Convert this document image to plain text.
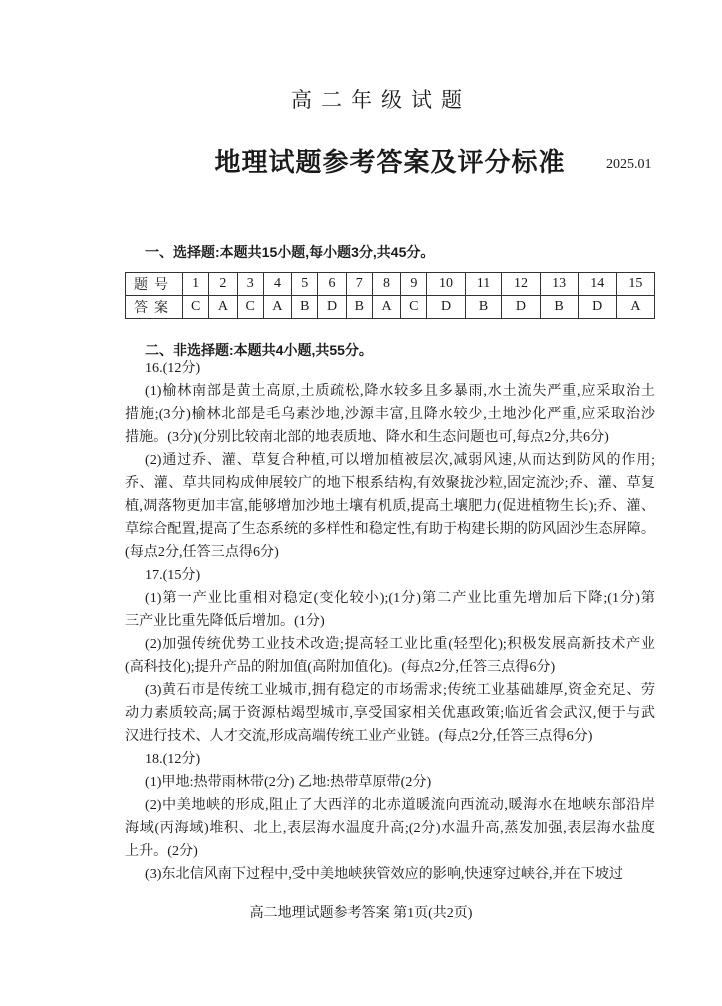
高二年级试题
地理试题参考答案及评分标准	2025.01
一、选择题:本题共15小题,每小题3分,共45分。
题号	1	2	3	4	5	6	7	8	9	10	11	12	13	14	15
答案	C	A	C	A	B	D	B	A	C	D	B	D	B	D	A
二、非选择题:本题共4小题,共55分。
16.(12分)
(1)榆林南部是黄土高原,土质疏松,降水较多且多暴雨,水土流失严重,应采取治土
措施;(3分)榆林北部是毛乌素沙地,沙源丰富,且降水较少,土地沙化严重,应采取治沙
措施。(3分)(分别比较南北部的地表质地、降水和生态问题也可,每点2分,共6分)
(2)通过乔、灌、草复合种植,可以增加植被层次,减弱风速,从而达到防风的作用;
乔、灌、草共同构成伸展较广的地下根系结构,有效聚拢沙粒,固定流沙;乔、灌、草复
植,凋落物更加丰富,能够增加沙地土壤有机质,提高土壤肥力(促进植物生长);乔、灌、
草综合配置,提高了生态系统的多样性和稳定性,有助于构建长期的防风固沙生态屏障。
(每点2分,任答三点得6分)
17.(15分)
(1)第一产业比重相对稳定(变化较小);(1分)第二产业比重先增加后下降;(1分)第
三产业比重先降低后增加。(1分)
(2)加强传统优势工业技术改造;提高轻工业比重(轻型化);积极发展高新技术产业
(高科技化);提升产品的附加值(高附加值化)。(每点2分,任答三点得6分)
(3)黄石市是传统工业城市,拥有稳定的市场需求;传统工业基础雄厚,资金充足、劳
动力素质较高;属于资源枯竭型城市,享受国家相关优惠政策;临近省会武汉,便于与武
汉进行技术、人才交流,形成高端传统工业产业链。(每点2分,任答三点得6分)
18.(12分)
(1)甲地:热带雨林带(2分) 乙地:热带草原带(2分)
(2)中美地峡的形成,阻止了大西洋的北赤道暖流向西流动,暖海水在地峡东部沿岸
海域(丙海域)堆积、北上,表层海水温度升高;(2分)水温升高,蒸发加强,表层海水盐度
上升。(2分)
(3)东北信风南下过程中,受中美地峡狭管效应的影响,快速穿过峡谷,并在下坡过
高二地理试题参考答案 第1页(共2页)
